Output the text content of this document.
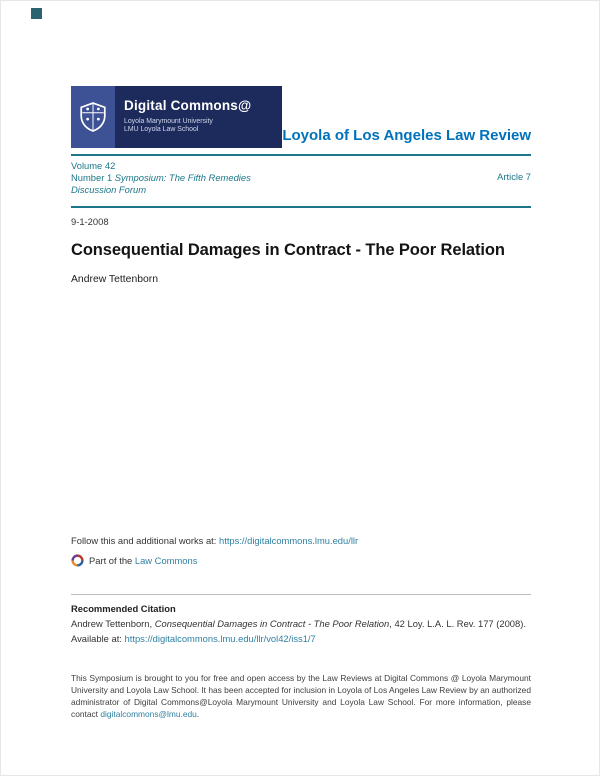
Digital Commons@
Loyola Marymount University
LMU Loyola Law School	Loyola of Los Angeles Law Review
Volume 42
Number 1 Symposium: The Fifth Remedies
Discussion Forum
Article 7
9-1-2008
Consequential Damages in Contract - The Poor Relation
Andrew Tettenborn
Follow this and additional works at: https://digitalcommons.lmu.edu/llr
Part of the
Law Commons
Recommended Citation

Andrew Tettenborn, Consequential Damages in Contract - The Poor Relation, 42 Loy. L.A. L. Rev. 177 (2008).

Available at: https://digitalcommons.lmu.edu/llr/vol42/iss1/7

This Symposium is brought to you for free and open access by the Law Reviews at Digital Commons @ Loyola Marymount University and Loyola Law School. It has been accepted for inclusion in Loyola of Los Angeles Law Review by an authorized administrator of Digital Commons@Loyola Marymount University and Loyola Law School. For more information, please contact digitalcommons@lmu.edu.
